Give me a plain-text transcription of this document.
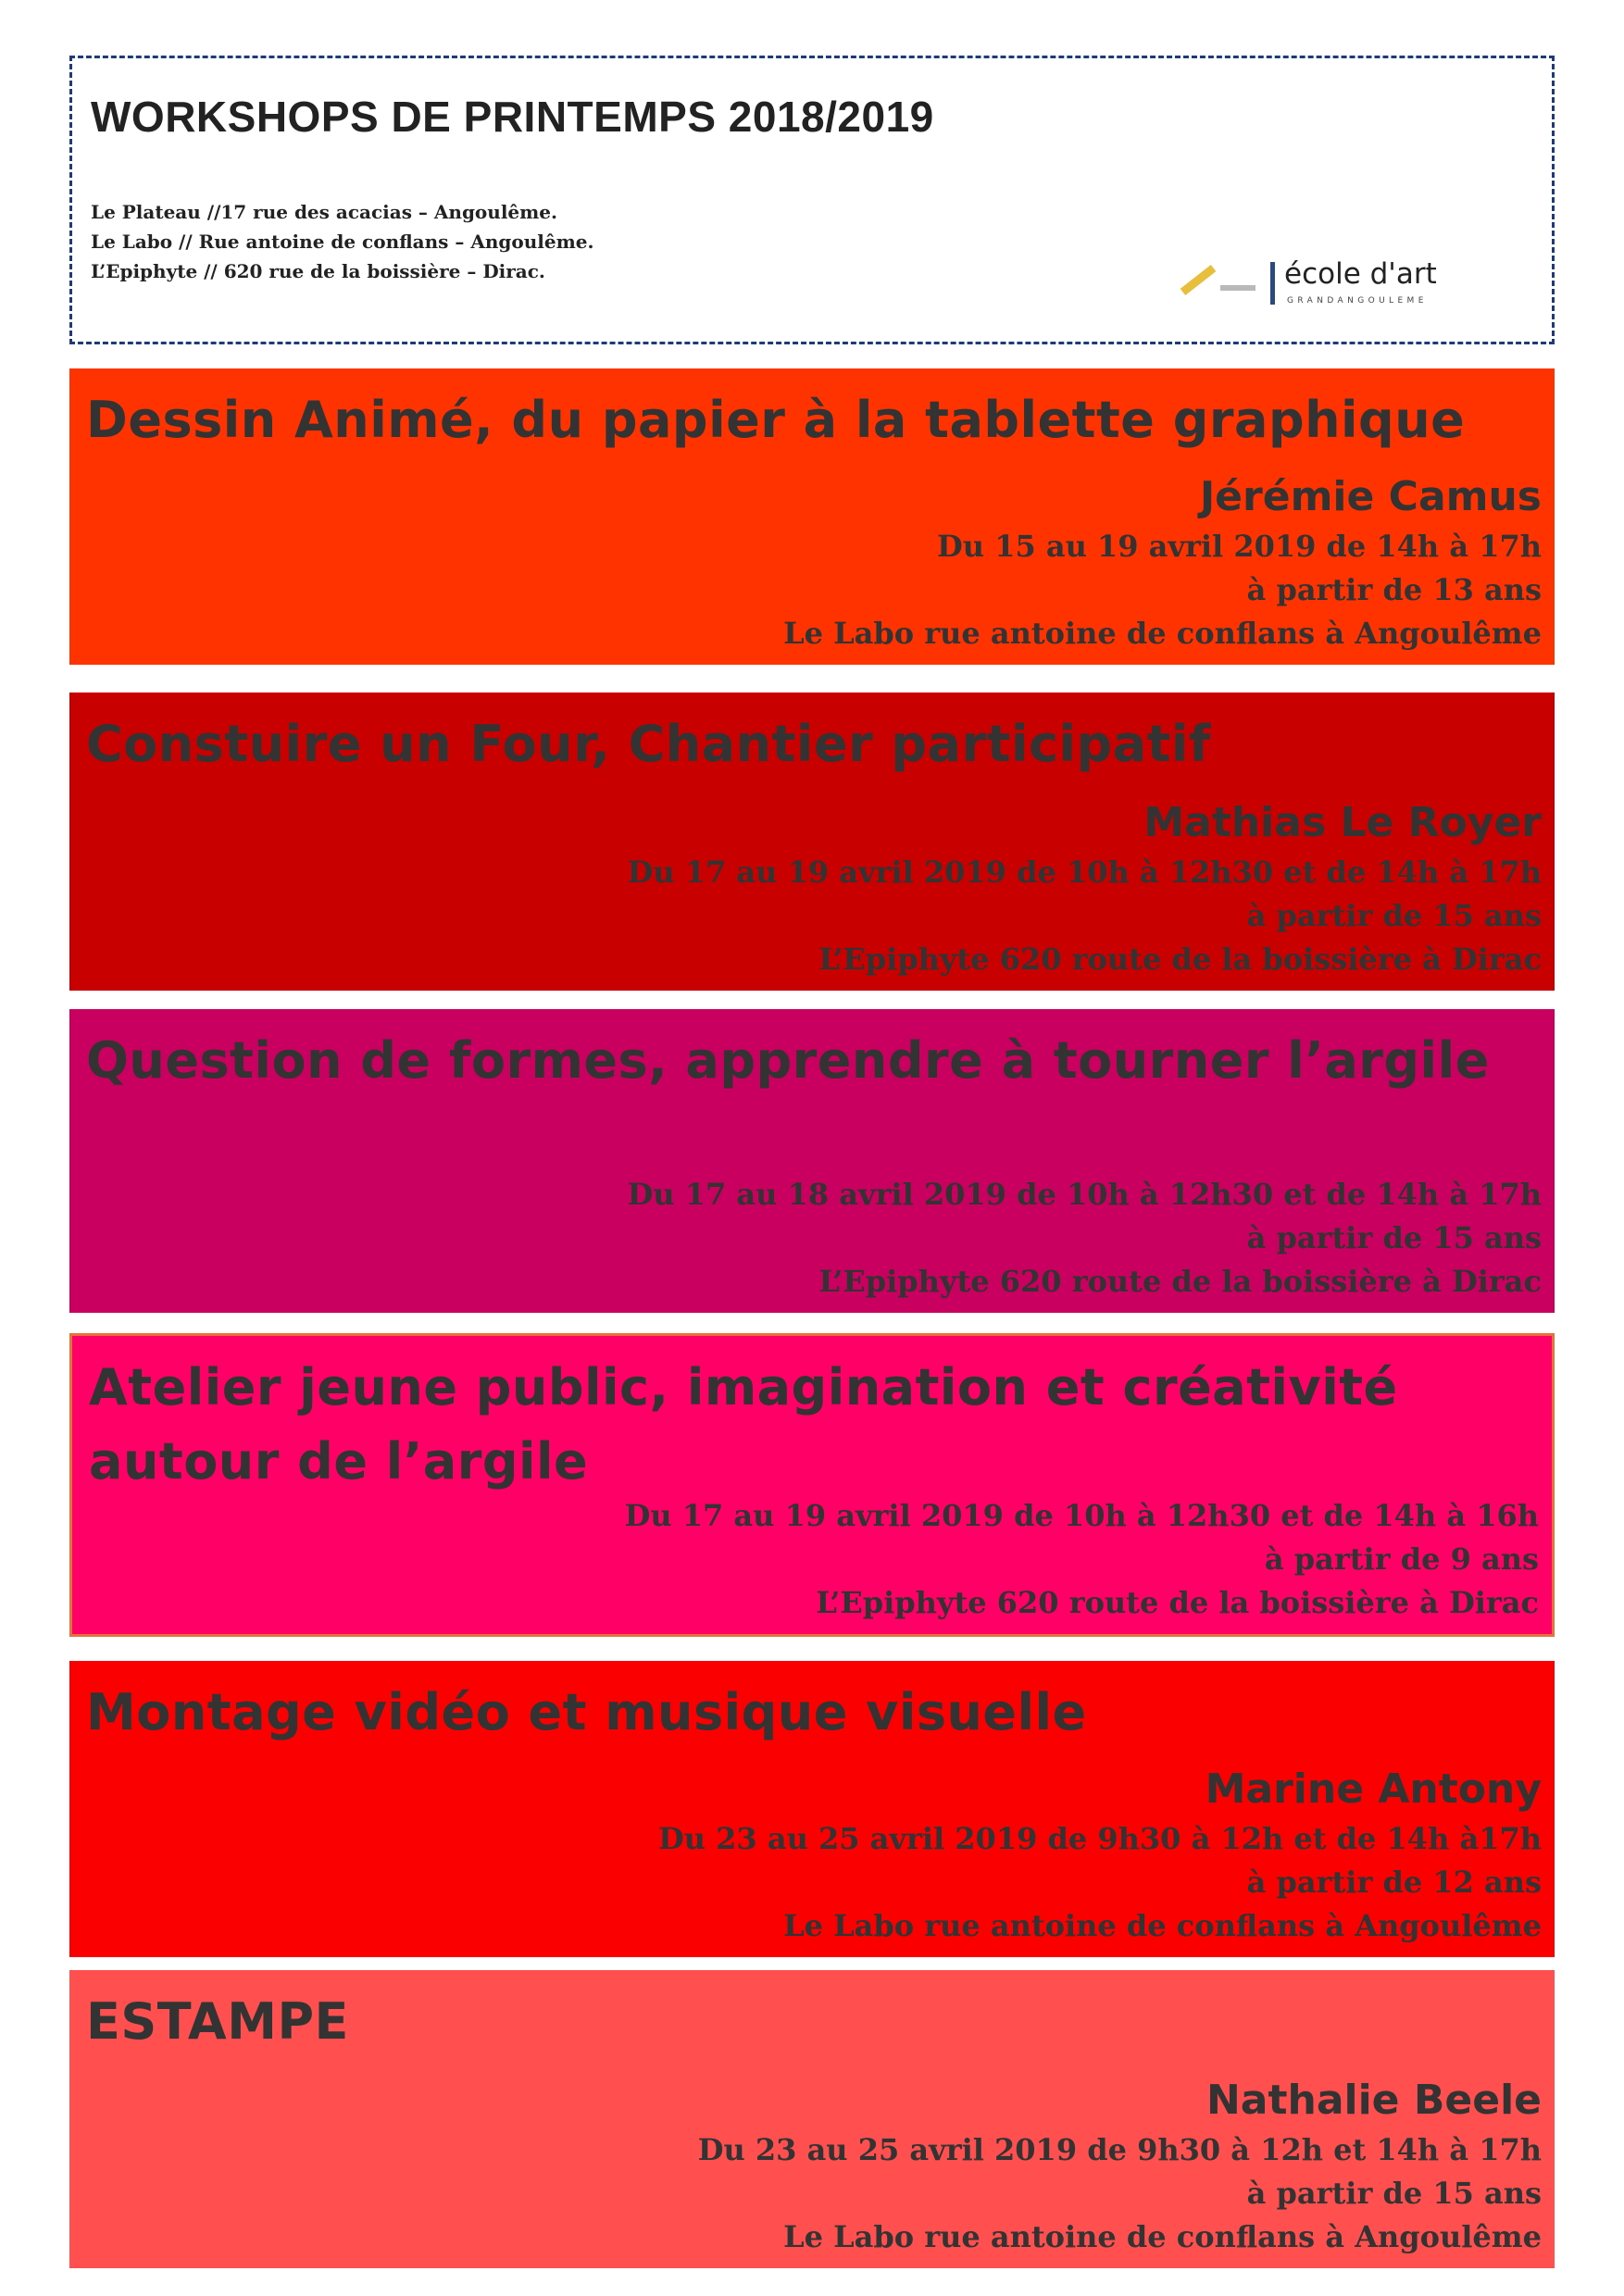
WORKSHOPS DE PRINTEMPS 2018/2019
Le Plateau //17 rue des acacias – Angoulême.
Le Labo // Rue antoine de conflans – Angoulême.
L’Epiphyte // 620 rue de la boissière – Dirac.	école d'art
GRANDANGOULEME
Dessin Animé, du papier à la tablette graphique
Jérémie Camus
Du 15 au 19 avril 2019 de 14h à 17h
à partir de 13 ans
Le Labo rue antoine de conflans à Angoulême
Constuire un Four, Chantier participatif
Mathias Le Royer
Du 17 au 19 avril 2019 de 10h à 12h30 et de 14h à 17h
à partir de 15 ans
L’Epiphyte 620 route de la boissière à Dirac
Question de formes, apprendre à tourner l’argile
Du 17 au 18 avril 2019 de 10h à 12h30 et de 14h à 17h
à partir de 15 ans
L’Epiphyte 620 route de la boissière à Dirac
Atelier jeune public, imagination et créativité autour de l’argile
Du 17 au 19 avril 2019 de 10h à 12h30 et de 14h à 16h
à partir de 9 ans
L’Epiphyte 620 route de la boissière à Dirac
Montage vidéo et musique visuelle
Marine Antony
Du 23 au 25 avril 2019 de 9h30 à 12h et de 14h à17h
à partir de 12 ans
Le Labo rue antoine de conflans à Angoulême
ESTAMPE
Nathalie Beele
Du 23 au 25 avril 2019 de 9h30 à 12h et 14h à 17h
à partir de 15 ans
Le Labo rue antoine de conflans à Angoulême
